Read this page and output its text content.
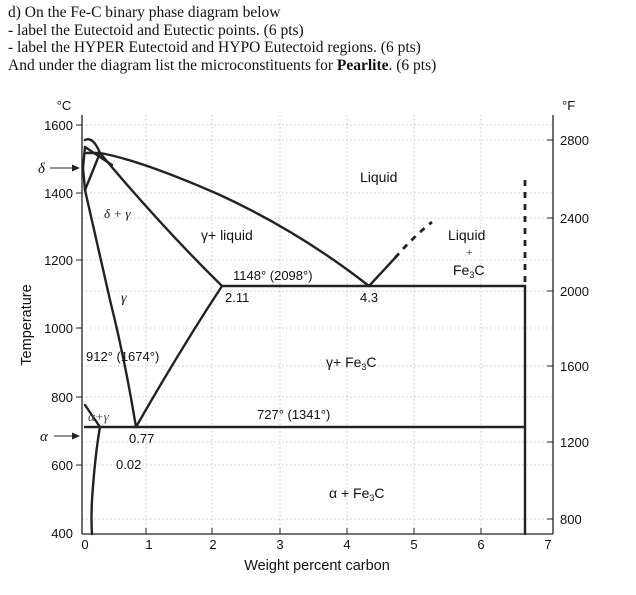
d) On the Fe-C binary phase diagram below
- label the Eutectoid and Eutectic points. (6 pts)
- label the HYPER Eutectoid and HYPO Eutectoid regions. (6 pts)
And under the diagram list the microconstituents for Pearlite. (6 pts)
°C
1600
1400
1200
1000
800
600
400
°F
2800
2400
2000
1600
1200
800
0	1	2	3	4	5	6	7
Weight percent carbon
Temperature
δ
α
Liquid
γ+ liquid	Liquid
+
$Fe_3C$
1148° (2098°)
2.11	4.3
γ
δ + γ
912° (1674°)	$\gamma+ Fe_3C$
α+γ	727° (1341°)
0.77
0.02
$\alpha + Fe_3C$
